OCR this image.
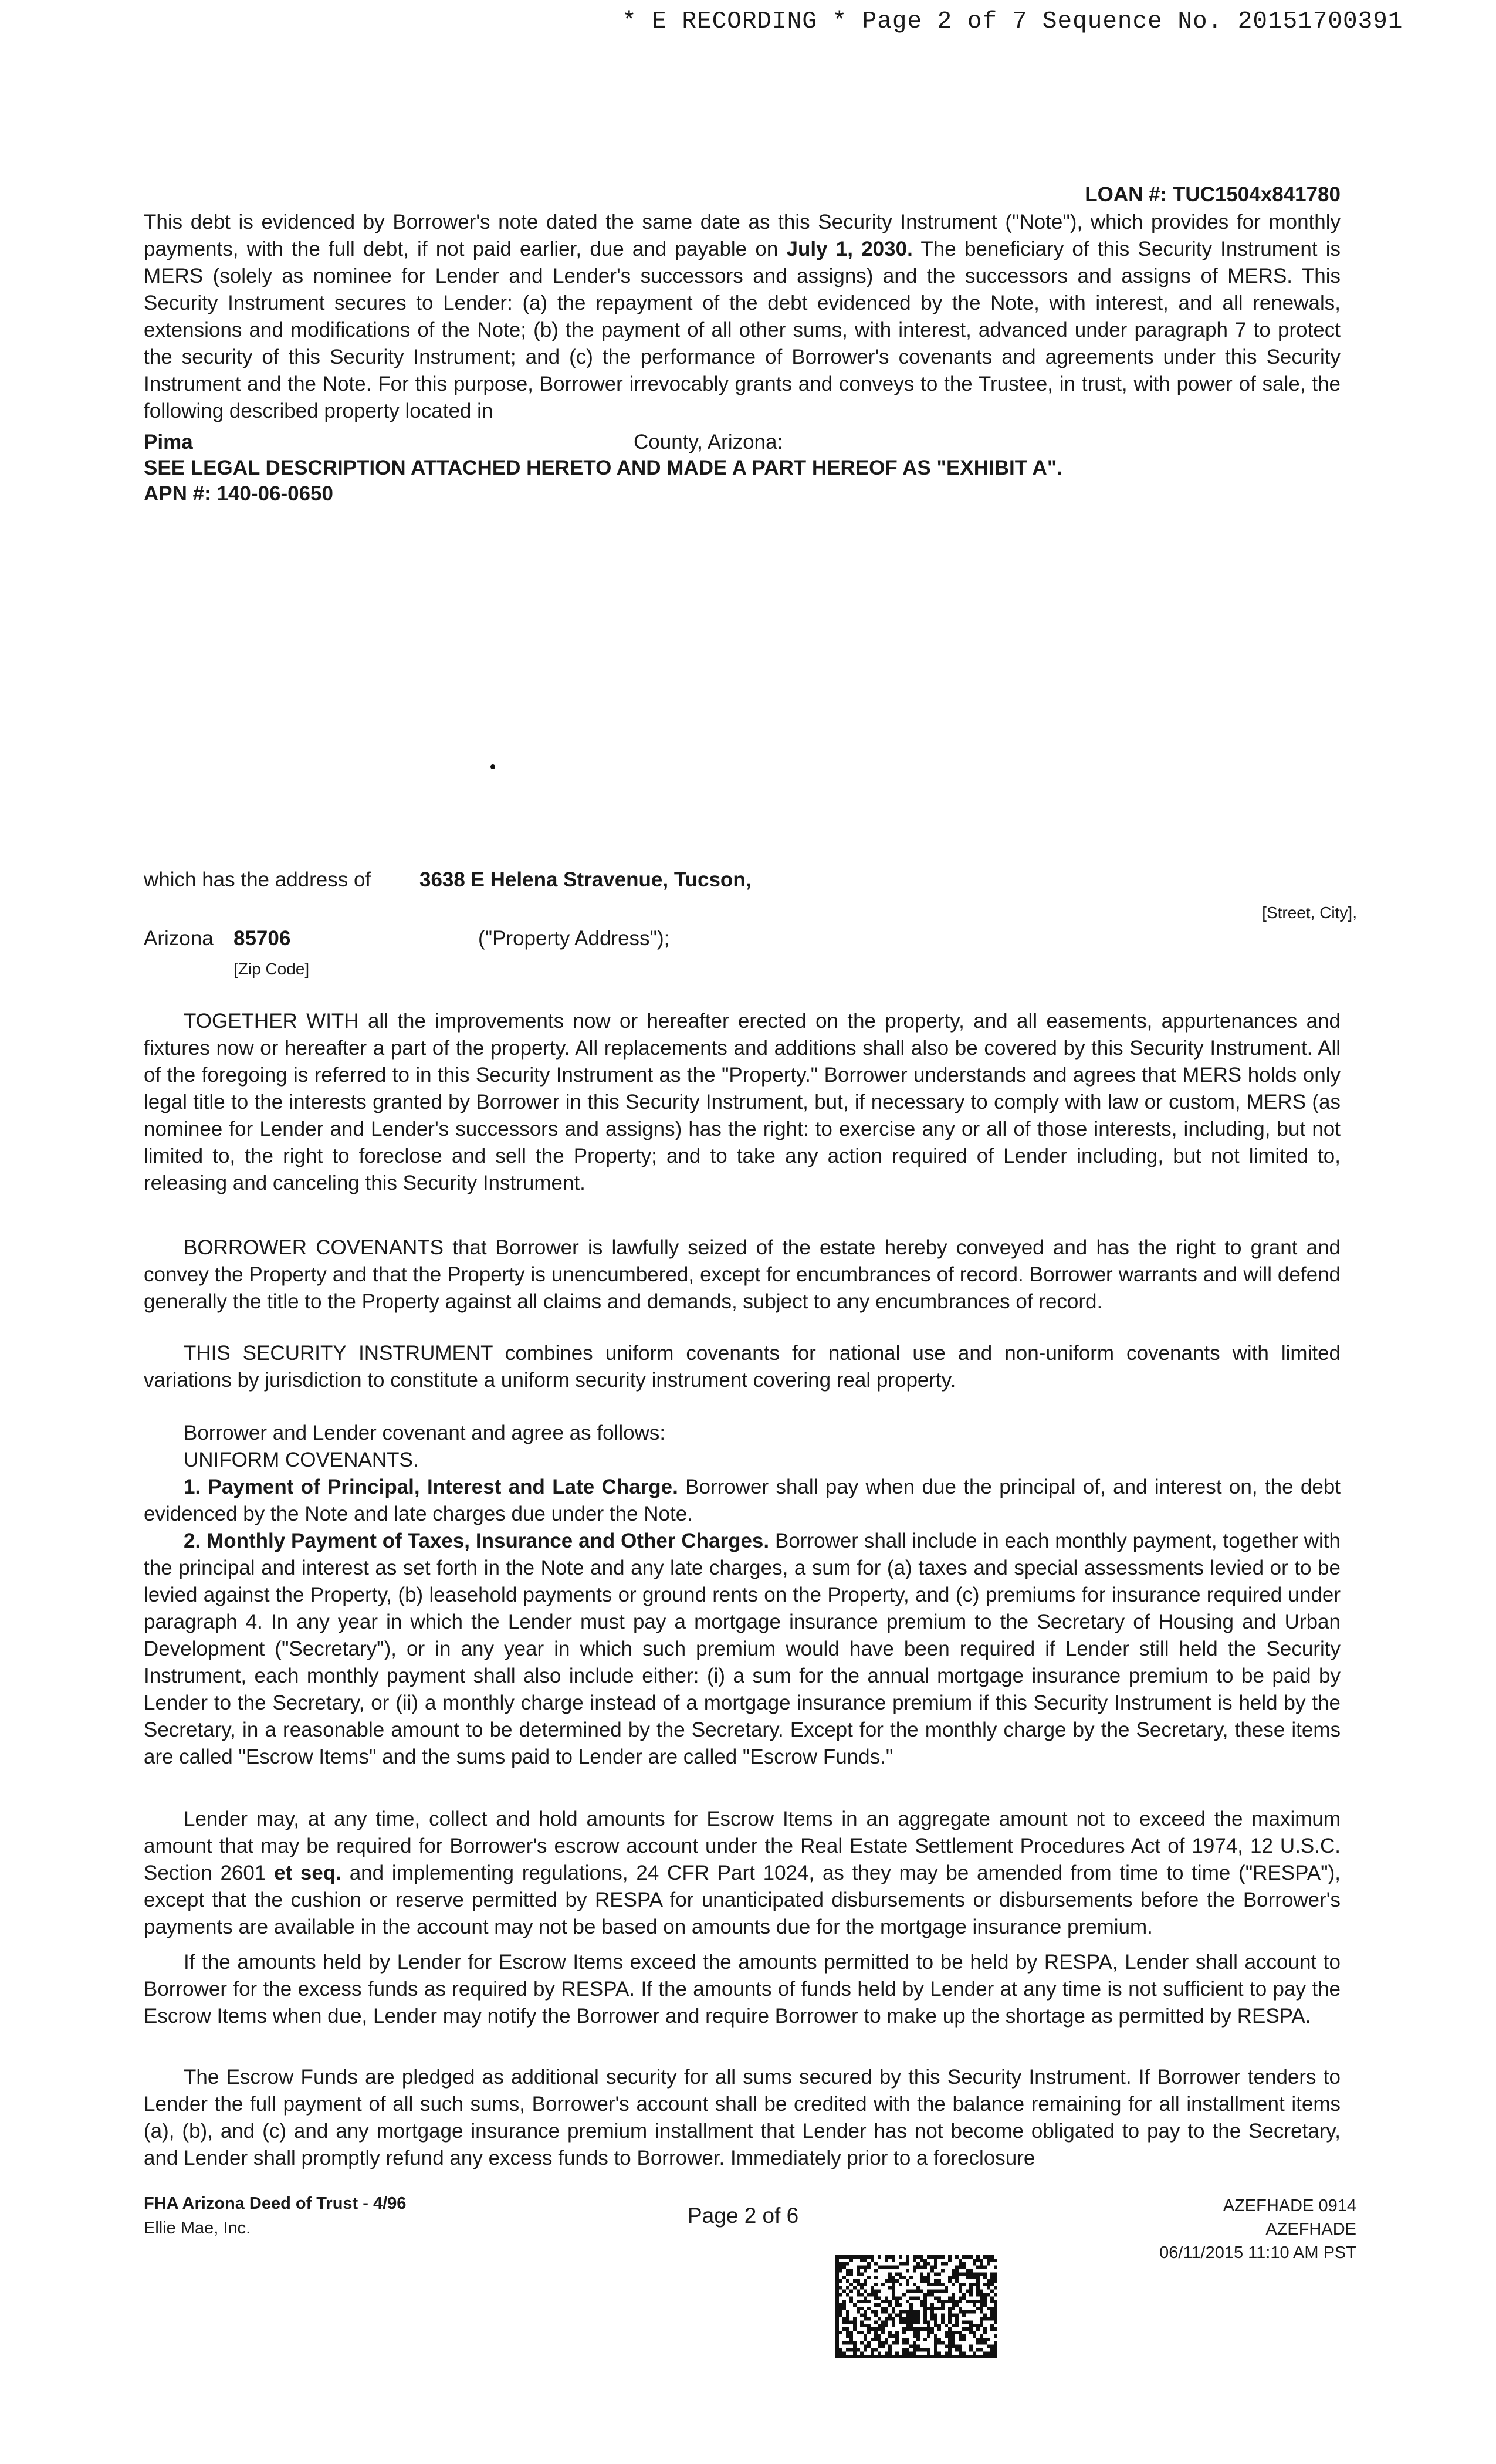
* E RECORDING * Page 2 of 7 Sequence No. 20151700391
LOAN #: TUC1504x841780
This debt is evidenced by Borrower's note dated the same date as this Security Instrument ("Note"), which provides for monthly payments, with the full debt, if not paid earlier, due and payable on July 1, 2030. The beneficiary of this Security Instrument is MERS (solely as nominee for Lender and Lender's successors and assigns) and the successors and assigns of MERS. This Security Instrument secures to Lender: (a) the repayment of the debt evidenced by the Note, with interest, and all renewals, extensions and modifications of the Note; (b) the payment of all other sums, with interest, advanced under paragraph 7 to protect the security of this Security Instrument; and (c) the performance of Borrower's covenants and agreements under this Security Instrument and the Note. For this purpose, Borrower irrevocably grants and conveys to the Trustee, in trust, with power of sale, the following described property located in
Pima	County, Arizona:
SEE LEGAL DESCRIPTION ATTACHED HERETO AND MADE A PART HEREOF AS "EXHIBIT A".
APN #: 140-06-0650
which has the address of 3638 E Helena Stravenue, Tucson,
[Street, City],
Arizona 85706	("Property Address");
[Zip Code]
TOGETHER WITH all the improvements now or hereafter erected on the property, and all easements, appurtenances and fixtures now or hereafter a part of the property. All replacements and additions shall also be covered by this Security Instrument. All of the foregoing is referred to in this Security Instrument as the "Property." Borrower understands and agrees that MERS holds only legal title to the interests granted by Borrower in this Security Instrument, but, if necessary to comply with law or custom, MERS (as nominee for Lender and Lender's successors and assigns) has the right: to exercise any or all of those interests, including, but not limited to, the right to foreclose and sell the Property; and to take any action required of Lender including, but not limited to, releasing and canceling this Security Instrument.
BORROWER COVENANTS that Borrower is lawfully seized of the estate hereby conveyed and has the right to grant and convey the Property and that the Property is unencumbered, except for encumbrances of record. Borrower warrants and will defend generally the title to the Property against all claims and demands, subject to any encumbrances of record.
THIS SECURITY INSTRUMENT combines uniform covenants for national use and non-uniform covenants with limited variations by jurisdiction to constitute a uniform security instrument covering real property.
Borrower and Lender covenant and agree as follows:
UNIFORM COVENANTS.
1. Payment of Principal, Interest and Late Charge. Borrower shall pay when due the principal of, and interest on, the debt evidenced by the Note and late charges due under the Note.
2. Monthly Payment of Taxes, Insurance and Other Charges. Borrower shall include in each monthly payment, together with the principal and interest as set forth in the Note and any late charges, a sum for (a) taxes and special assessments levied or to be levied against the Property, (b) leasehold payments or ground rents on the Property, and (c) premiums for insurance required under paragraph 4. In any year in which the Lender must pay a mortgage insurance premium to the Secretary of Housing and Urban Development ("Secretary"), or in any year in which such premium would have been required if Lender still held the Security Instrument, each monthly payment shall also include either: (i) a sum for the annual mortgage insurance premium to be paid by Lender to the Secretary, or (ii) a monthly charge instead of a mortgage insurance premium if this Security Instrument is held by the Secretary, in a reasonable amount to be determined by the Secretary. Except for the monthly charge by the Secretary, these items are called "Escrow Items" and the sums paid to Lender are called "Escrow Funds."
Lender may, at any time, collect and hold amounts for Escrow Items in an aggregate amount not to exceed the maximum amount that may be required for Borrower's escrow account under the Real Estate Settlement Procedures Act of 1974, 12 U.S.C. Section 2601 et seq. and implementing regulations, 24 CFR Part 1024, as they may be amended from time to time ("RESPA"), except that the cushion or reserve permitted by RESPA for unanticipated disbursements or disbursements before the Borrower's payments are available in the account may not be based on amounts due for the mortgage insurance premium.
If the amounts held by Lender for Escrow Items exceed the amounts permitted to be held by RESPA, Lender shall account to Borrower for the excess funds as required by RESPA. If the amounts of funds held by Lender at any time is not sufficient to pay the Escrow Items when due, Lender may notify the Borrower and require Borrower to make up the shortage as permitted by RESPA.
The Escrow Funds are pledged as additional security for all sums secured by this Security Instrument. If Borrower tenders to Lender the full payment of all such sums, Borrower's account shall be credited with the balance remaining for all installment items (a), (b), and (c) and any mortgage insurance premium installment that Lender has not become obligated to pay to the Secretary, and Lender shall promptly refund any excess funds to Borrower. Immediately prior to a foreclosure
FHA Arizona Deed of Trust - 4/96
Ellie Mae, Inc.
Page 2 of 6	AZEFHADE 0914
AZEFHADE
06/11/2015 11:10 AM PST
